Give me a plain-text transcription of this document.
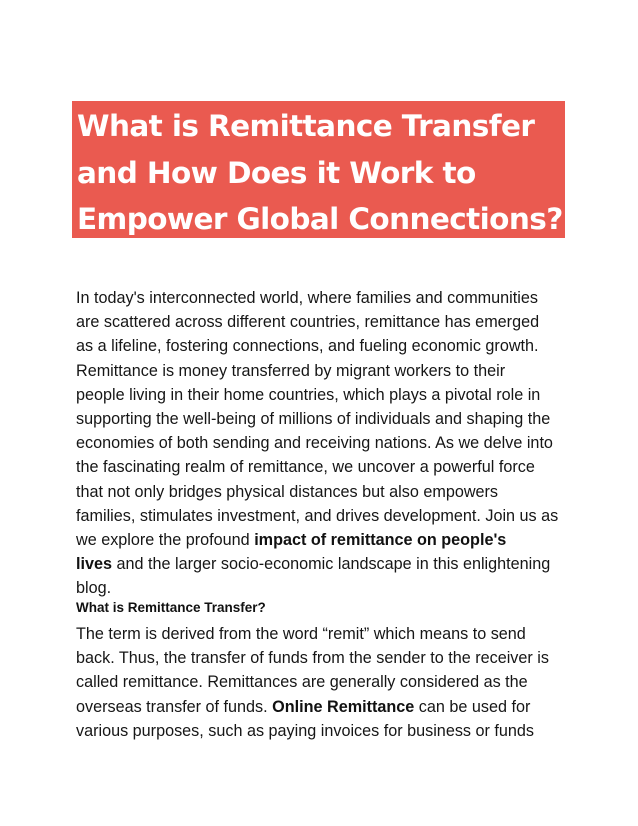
What is Remittance Transfer
and How Does it Work to
Empower Global Connections?
In today's interconnected world, where families and communities
are scattered across different countries, remittance has emerged
as a lifeline, fostering connections, and fueling economic growth.
Remittance is money transferred by migrant workers to their
people living in their home countries, which plays a pivotal role in
supporting the well-being of millions of individuals and shaping the
economies of both sending and receiving nations. As we delve into
the fascinating realm of remittance, we uncover a powerful force
that not only bridges physical distances but also empowers
families, stimulates investment, and drives development. Join us as
we explore the profound impact of remittance on people's
lives and the larger socio-economic landscape in this enlightening
blog.
What is Remittance Transfer?
The term is derived from the word “remit” which means to send
back. Thus, the transfer of funds from the sender to the receiver is
called remittance. Remittances are generally considered as the
overseas transfer of funds. Online Remittance can be used for
various purposes, such as paying invoices for business or funds
